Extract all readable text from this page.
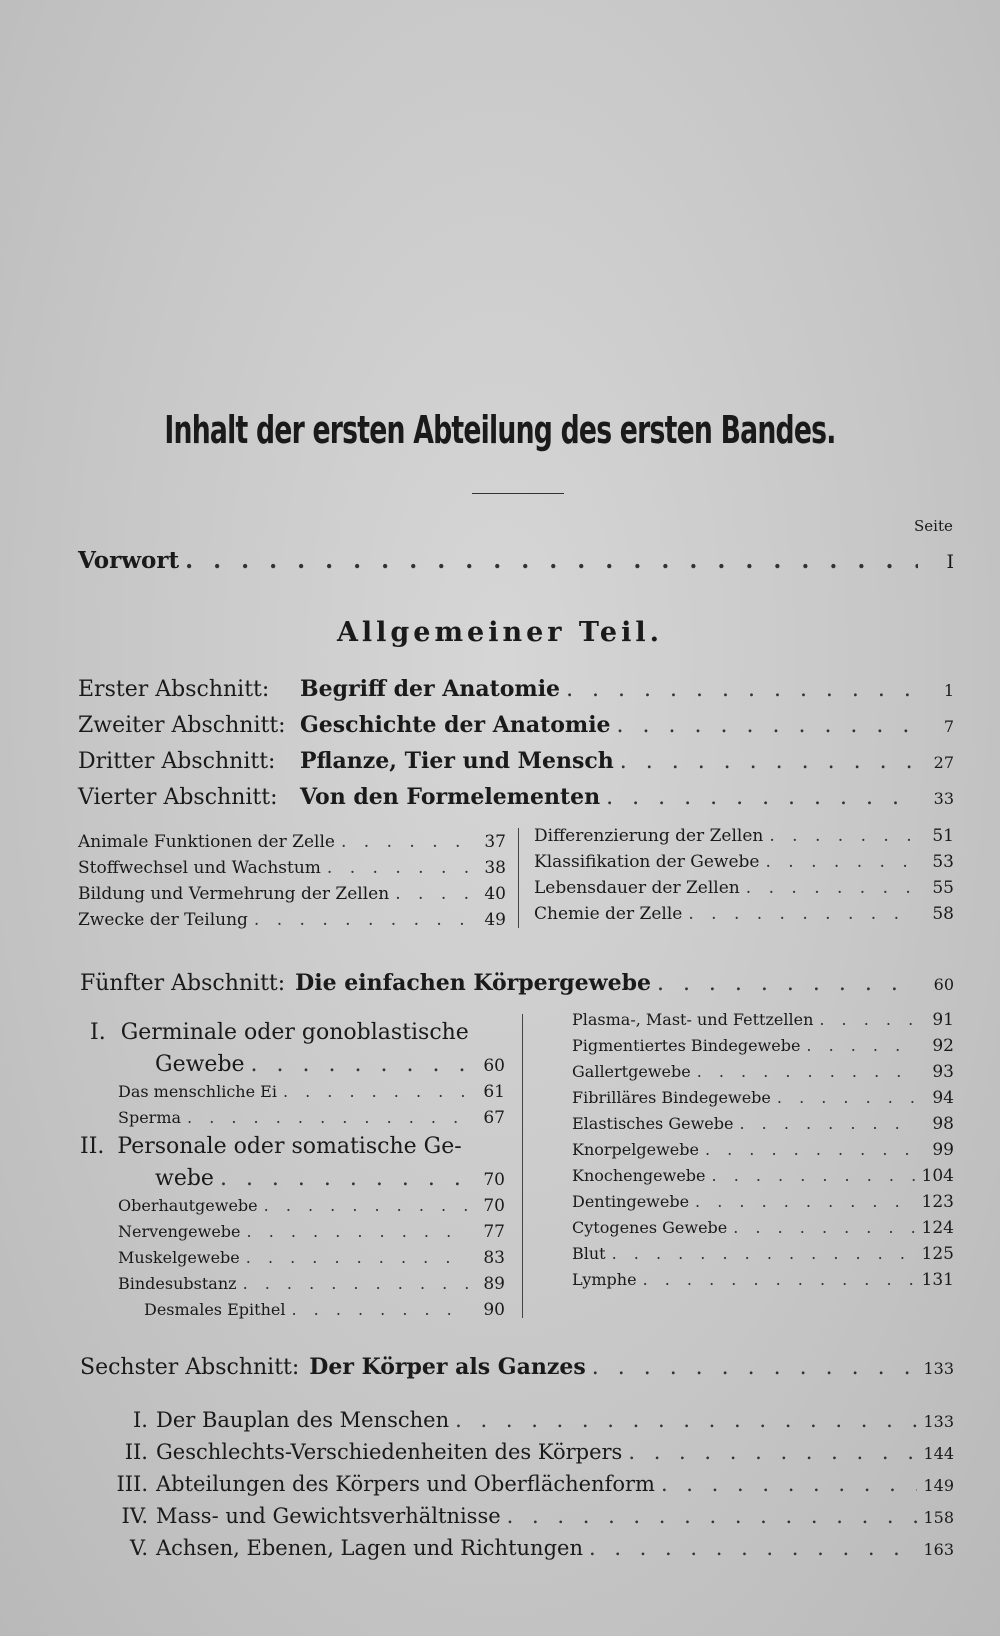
Inhalt der ersten Abteilung des ersten Bandes.
Seite
Vorwort . . .	I
Allgemeiner Teil.
Erster Abschnitt:	Begriff der Anatomie . . .	1
Zweiter Abschnitt: Geschichte der Anatomie . . .	7
Dritter Abschnitt:	Pflanze, Tier und Mensch . . .	27
Vierter Abschnitt:	Von den Formelementen . . .	33
Animale Funktionen der Zelle . . .	37
Stoffwechsel und Wachstum . . .	38
Bildung und Vermehrung der Zellen . . .	40
Zwecke der Teilung . . .	49
Differenzierung der Zellen . . .	51
Klassifikation der Gewebe . . .	53
Lebensdauer der Zellen . . .	55
Chemie der Zelle . . .	58
Fünfter Abschnitt: Die einfachen Körpergewebe . . .	60
I. Germinale oder gonoblastische
Gewebe . . .	60
Das menschliche Ei . . .	61
Sperma . . .	67
II. Personale oder somatische Ge-
webe . . .	70
Oberhautgewebe . . .	70
Nervengewebe . . .	77
Muskelgewebe . . .	83
Bindesubstanz . . .	89
Desmales Epithel . . .	90
Plasma-, Mast- und Fettzellen . . .	91
Pigmentiertes Bindegewebe . . .	92
Gallertgewebe . . .	93
Fibrilläres Bindegewebe . . .	94
Elastisches Gewebe . . .	98
Knorpelgewebe . . .	99
Knochengewebe . . .	104
Dentingewebe . . .	123
Cytogenes Gewebe . . .	124
Blut . . .	125
Lymphe . . .	131
Sechster Abschnitt: Der Körper als Ganzes . . .	133
I. Der Bauplan des Menschen . . .	133
II. Geschlechts-Verschiedenheiten des Körpers . . .	144
III. Abteilungen des Körpers und Oberflächenform . . .	149
IV. Mass- und Gewichtsverhältnisse . . .	158
V. Achsen, Ebenen, Lagen und Richtungen . . .	163
